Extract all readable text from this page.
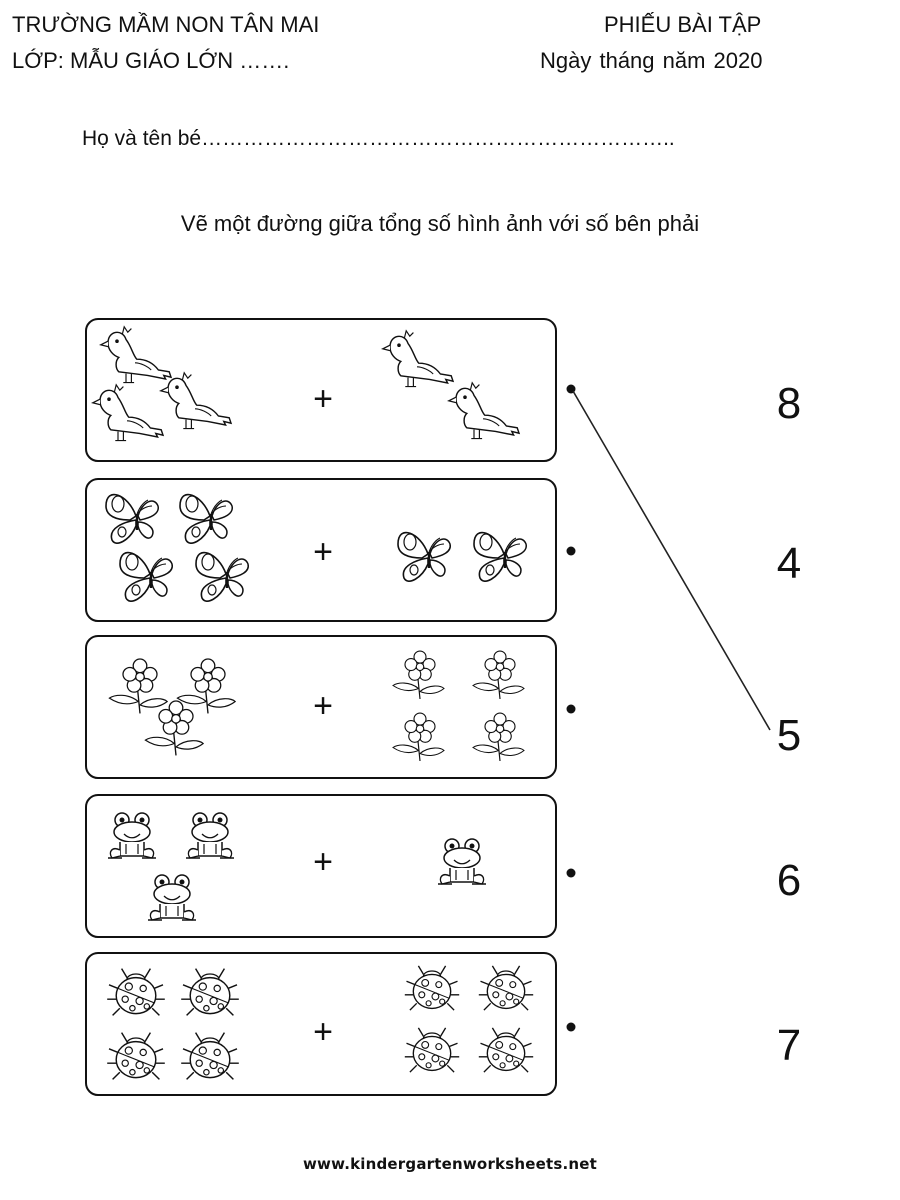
TRƯỜNG MẦM NON TÂN MAI
LỚP: MẪU GIÁO LỚN …….
PHIẾU BÀI TẬP
Ngày tháng năm 2020
Họ và tên bé…………………………………………………………..
Vẽ một đường giữa tổng số hình ảnh với số bên phải
+
+
+
+
+
8
4
5
6
7
www.kindergartenworksheets.net
